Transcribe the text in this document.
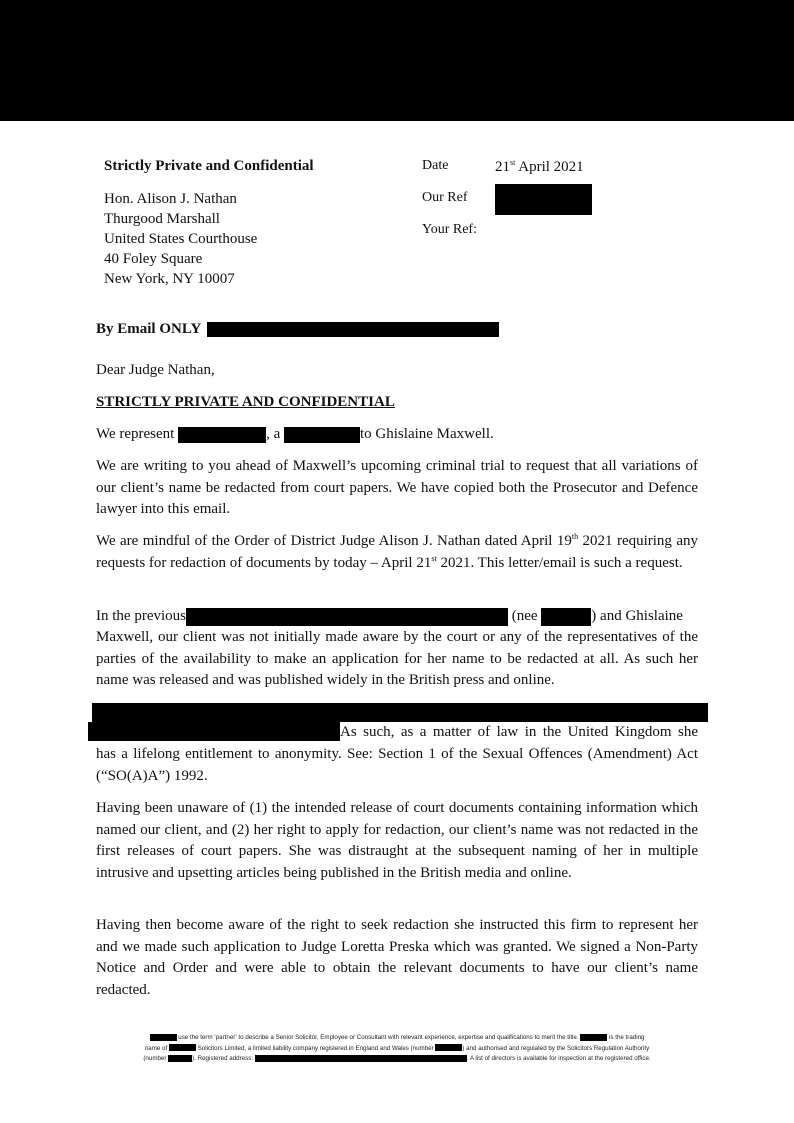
Strictly Private and Confidential
Hon. Alison J. Nathan
Thurgood Marshall
United States Courthouse
40 Foley Square
New York, NY 10007
Date	21st April 2021
Our Ref
Your Ref:
By Email ONLY
Dear Judge Nathan,
STRICTLY PRIVATE AND CONFIDENTIAL
We represent	, a	to Ghislaine Maxwell.
We are writing to you ahead of Maxwell’s upcoming criminal trial to request that all variations of our client’s name be redacted from court papers. We have copied both the Prosecutor and Defence lawyer into this email.
We are mindful of the Order of District Judge Alison J. Nathan dated April 19th 2021 requiring any requests for redaction of documents by today – April 21st 2021. This letter/email is such a request.
In the previous	(nee	) and Ghislaine
Maxwell, our client was not initially made aware by the court or any of the representatives of the parties of the availability to make an application for her name to be redacted at all. As such her name was released and was published widely in the British press and online.
As such, as a matter of law in the United Kingdom she
has a lifelong entitlement to anonymity. See: Section 1 of the Sexual Offences (Amendment) Act (“SO(A)A”) 1992.
Having been unaware of (1) the intended release of court documents containing information which named our client, and (2) her right to apply for redaction, our client’s name was not redacted in the first releases of court papers. She was distraught at the subsequent naming of her in multiple intrusive and upsetting articles being published in the British media and online.
Having then become aware of the right to seek redaction she instructed this firm to represent her and we made such application to Judge Loretta Preska which was granted. We signed a Non-Party Notice and Order and were able to obtain the relevant documents to have our client’s name redacted.
use the term ‘partner’ to describe a Senior Solicitor, Employee or Consultant with relevant experience, expertise and qualifications to merit the title.	is the trading
name of	Solicitors Limited, a limited liability company registered in England and Wales (number	) and authorised and regulated by the Solicitors Regulation Authority
(number	). Registered address:	. A list of directors is available for inspection at the registered office.
